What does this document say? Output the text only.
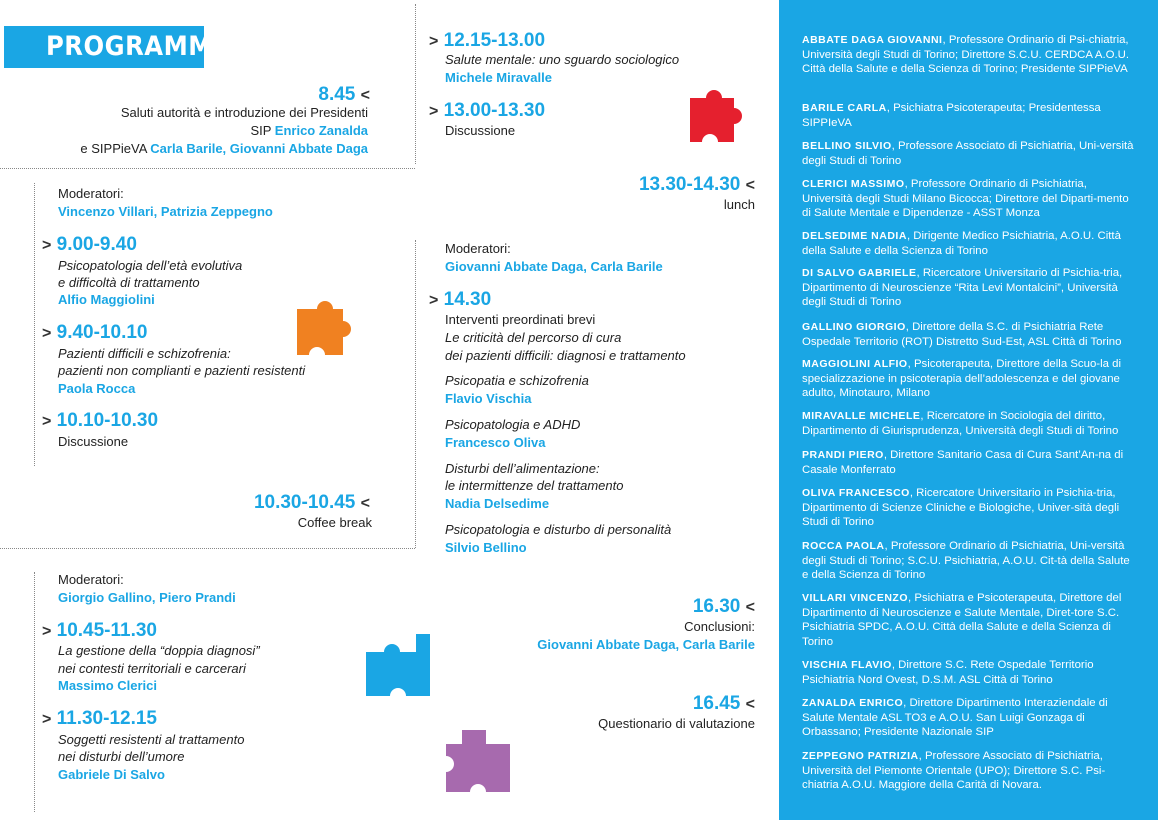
PROGRAMMA
8.45 <
Saluti autorità e introduzione dei Presidenti
SIP Enrico Zanalda
e SIPPieVA Carla Barile, Giovanni Abbate Daga
Moderatori:
Vincenzo Villari, Patrizia Zeppegno
> 9.00-9.40
Psicopatologia dell’età evolutiva
e difficoltà di trattamento
Alfio Maggiolini
> 9.40-10.10
Pazienti difficili e schizofrenia:
pazienti non complianti e pazienti resistenti
Paola Rocca
> 10.10-10.30
Discussione
10.30-10.45 <
Coffee break
Moderatori:
Giorgio Gallino, Piero Prandi
> 10.45-11.30
La gestione della “doppia diagnosi”
nei contesti territoriali e carcerari
Massimo Clerici
> 11.30-12.15
Soggetti resistenti al trattamento
nei disturbi dell’umore
Gabriele Di Salvo
> 12.15-13.00
Salute mentale: uno sguardo sociologico
Michele Miravalle
> 13.00-13.30
Discussione
13.30-14.30 <
lunch
Moderatori:
Giovanni Abbate Daga, Carla Barile
> 14.30
Interventi preordinati brevi
Le criticità del percorso di cura
dei pazienti difficili: diagnosi e trattamento
Psicopatia e schizofrenia
Flavio Vischia
Psicopatologia e ADHD
Francesco Oliva
Disturbi dell’alimentazione:
le intermittenze del trattamento
Nadia Delsedime
Psicopatologia e disturbo di personalità
Silvio Bellino
16.30 <
Conclusioni:
Giovanni Abbate Daga, Carla Barile
16.45 <
Questionario di valutazione
ABBATE DAGA GIOVANNI, Professore Ordinario di Psi-chiatria, Università degli Studi di Torino; Direttore S.C.U. CERDCA A.O.U. Città della Salute e della Scienza di Torino; Presidente SIPPieVA
BARILE CARLA, Psichiatra Psicoterapeuta; Presidentessa SIPPIeVA
BELLINO SILVIO, Professore Associato di Psichiatria, Uni-versità degli Studi di Torino
CLERICI MASSIMO, Professore Ordinario di Psichiatria, Università degli Studi Milano Bicocca; Direttore del Diparti-mento di Salute Mentale e Dipendenze - ASST Monza
DELSEDIME NADIA, Dirigente Medico Psichiatria, A.O.U. Città della Salute e della Scienza di Torino
DI SALVO GABRIELE, Ricercatore Universitario di Psichia-tria, Dipartimento di Neuroscienze “Rita Levi Montalcini”, Università degli Studi di Torino
GALLINO GIORGIO, Direttore della S.C. di Psichiatria Rete Ospedale Territorio (ROT) Distretto Sud-Est, ASL Città di Torino
MAGGIOLINI ALFIO, Psicoterapeuta, Direttore della Scuo-la di specializzazione in psicoterapia dell’adolescenza e del giovane adulto, Minotauro, Milano
MIRAVALLE MICHELE, Ricercatore in Sociologia del diritto, Dipartimento di Giurisprudenza, Università degli Studi di Torino
PRANDI PIERO, Direttore Sanitario Casa di Cura Sant’An-na di Casale Monferrato
OLIVA FRANCESCO, Ricercatore Universitario in Psichia-tria, Dipartimento di Scienze Cliniche e Biologiche, Univer-sità degli Studi di Torino
ROCCA PAOLA, Professore Ordinario di Psichiatria, Uni-versità degli Studi di Torino; S.C.U. Psichiatria, A.O.U. Cit-tà della Salute e della Scienza di Torino
VILLARI VINCENZO, Psichiatra e Psicoterapeuta, Direttore del Dipartimento di Neuroscienze e Salute Mentale, Diret-tore S.C. Psichiatria SPDC, A.O.U. Città della Salute e della Scienza di Torino
VISCHIA FLAVIO, Direttore S.C. Rete Ospedale Territorio Psichiatria Nord Ovest, D.S.M. ASL Città di Torino
ZANALDA ENRICO, Direttore Dipartimento Interaziendale di Salute Mentale ASL TO3 e A.O.U. San Luigi Gonzaga di Orbassano; Presidente Nazionale SIP
ZEPPEGNO PATRIZIA, Professore Associato di Psichiatria, Università del Piemonte Orientale (UPO); Direttore S.C. Psi-chiatria A.O.U. Maggiore della Carità di Novara.
